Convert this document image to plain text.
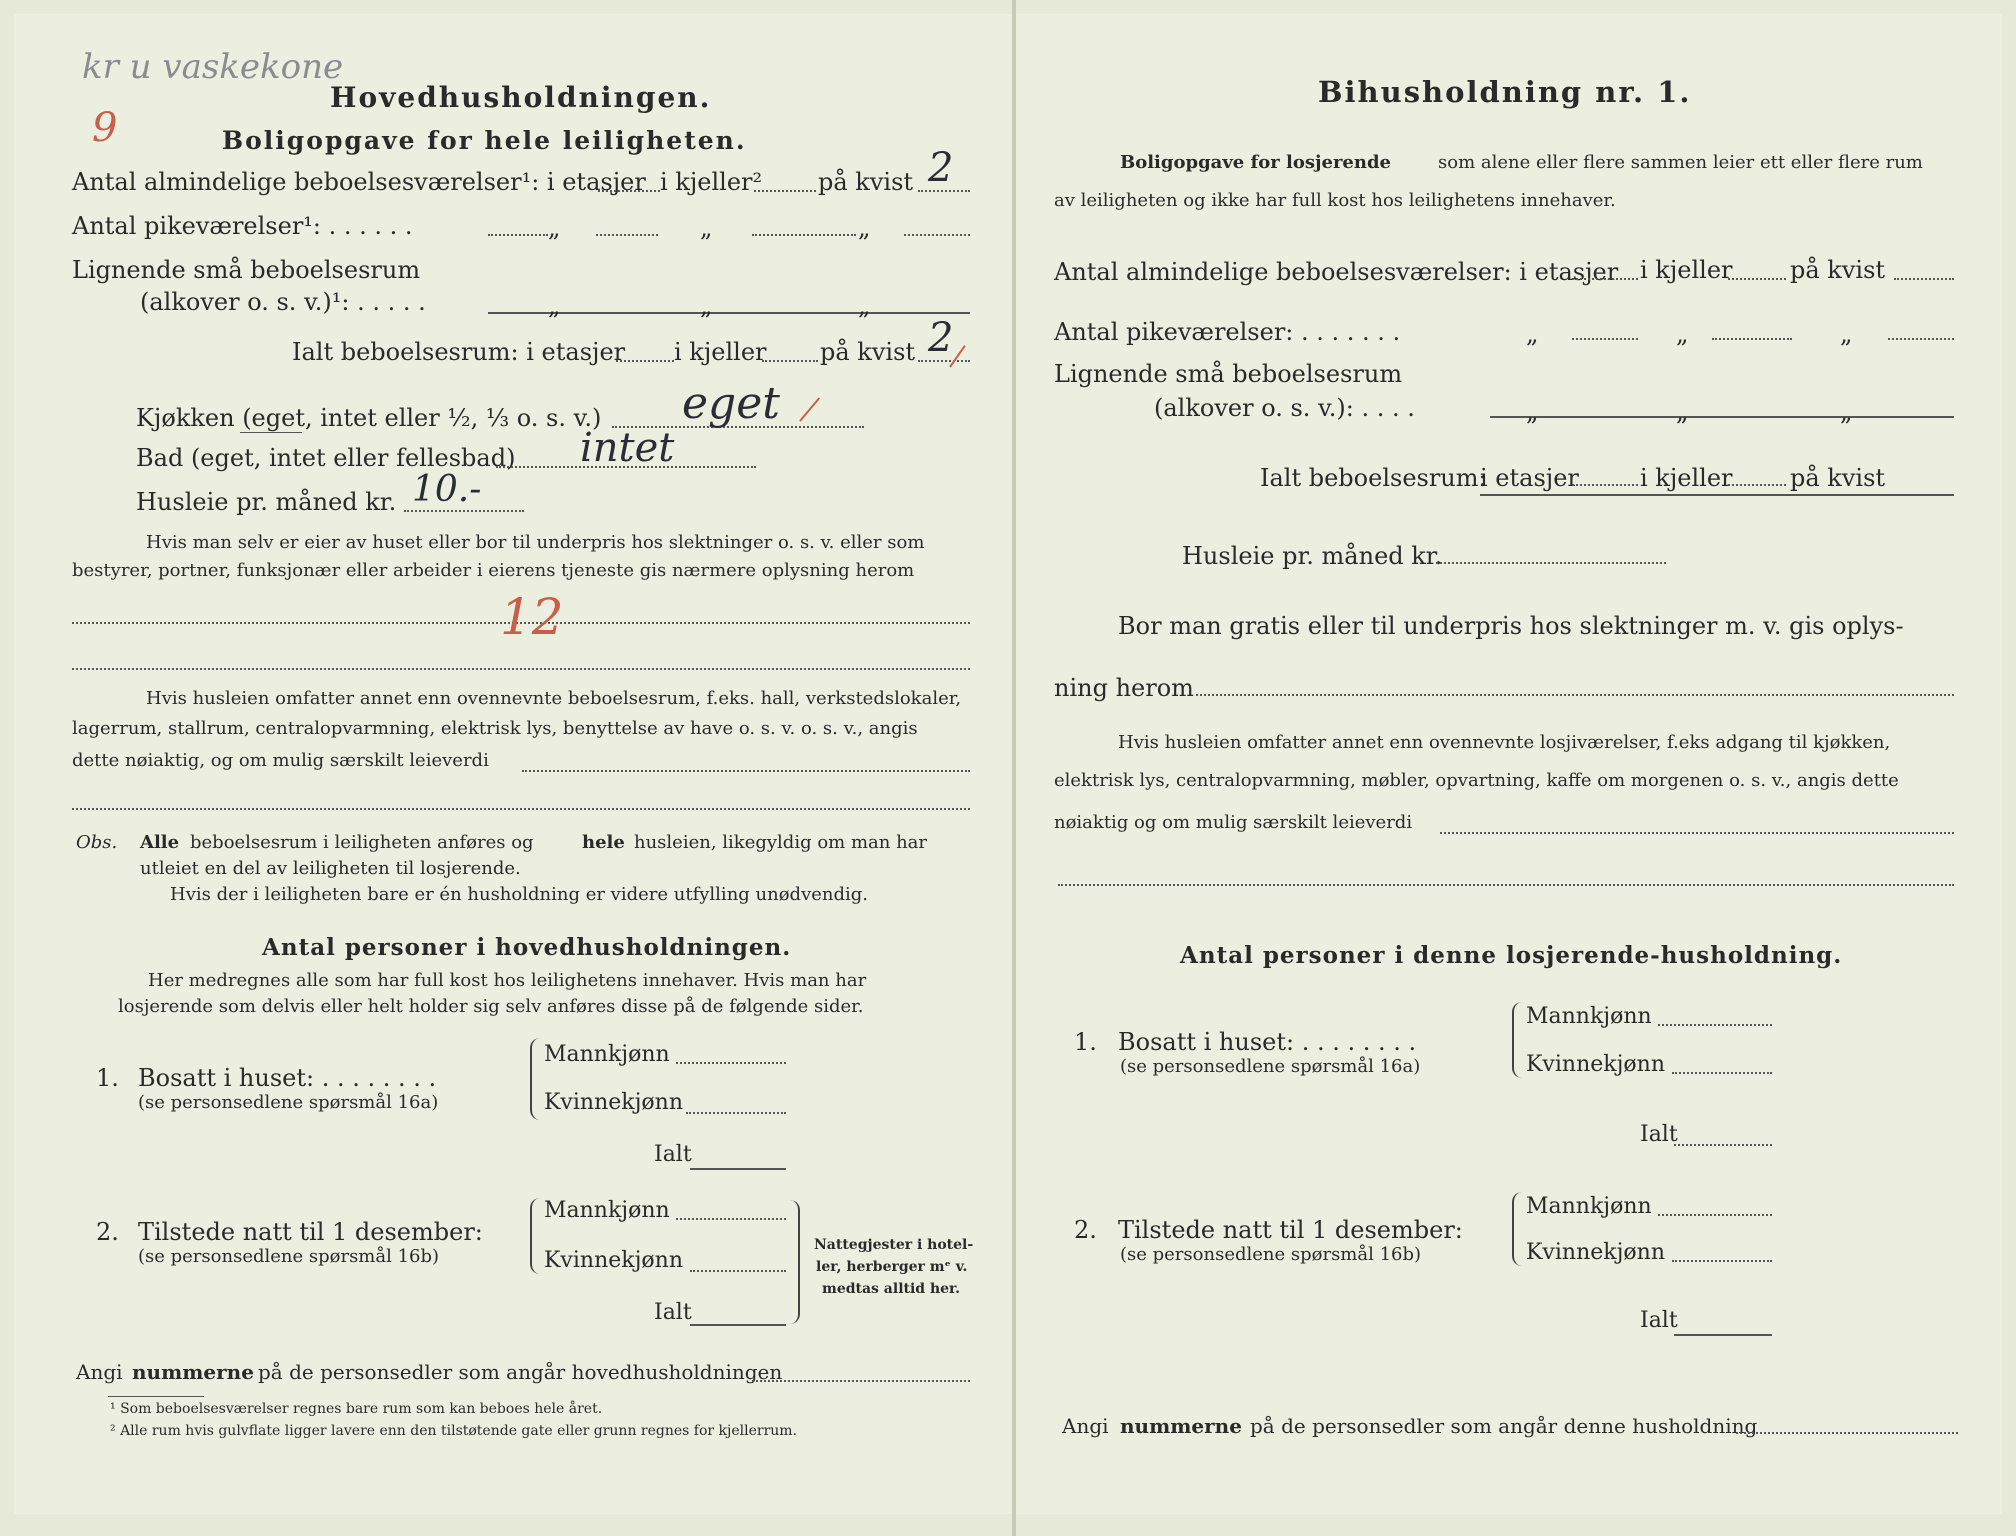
kr u vaskekone
9
Hovedhusholdningen.
Boligopgave for hele leiligheten.
Antal almindelige beboelsesværelser¹: i etasjer i kjeller² på kvist 2
Antal pikeværelser¹: . . . . . .	„	„	„
Lignende små beboelsesrum
(alkover o. s. v.)¹: . . . . .	„	„	„
Ialt beboelsesrum: i etasjer i kjeller på kvist 2
Kjøkken (eget, intet eller ½, ⅓ o. s. v.) eget
Bad (eget, intet eller fellesbad) intet
Husleie pr. måned kr. 10.-
Hvis man selv er eier av huset eller bor til underpris hos slektninger o. s. v. eller som
bestyrer, portner, funksjonær eller arbeider i eierens tjeneste gis nærmere oplysning herom
12
Hvis husleien omfatter annet enn ovennevnte beboelsesrum, f.eks. hall, verkstedslokaler,
lagerrum, stallrum, centralopvarmning, elektrisk lys, benyttelse av have o. s. v. o. s. v., angis
dette nøiaktig, og om mulig særskilt leieverdi
Obs. Alle beboelsesrum i leiligheten anføres og	hele husleien, likegyldig om man har
utleiet en del av leiligheten til losjerende.
Hvis der i leiligheten bare er én husholdning er videre utfylling unødvendig.
Antal personer i hovedhusholdningen.
Her medregnes alle som har full kost hos leilighetens innehaver. Hvis man har
losjerende som delvis eller helt holder sig selv anføres disse på de følgende sider.
1. Bosatt i huset: . . . . . . . .
(se personsedlene spørsmål 16a)
Mannkjønn
Kvinnekjønn
Ialt
2. Tilstede natt til 1 desember:
(se personsedlene spørsmål 16b)
Mannkjønn
Kvinnekjønn
Ialt
Nattegjester i hotel-
ler, herberger mᵉ v.
medtas alltid her.
Angi nummerne på de personsedler som angår hovedhusholdningen
¹ Som beboelsesværelser regnes bare rum som kan beboes hele året.
² Alle rum hvis gulvflate ligger lavere enn den tilstøtende gate eller grunn regnes for kjellerrum.
Bihusholdning nr. 1.
Boligopgave for losjerende	som alene eller flere sammen leier ett eller flere rum
av leiligheten og ikke har full kost hos leilighetens innehaver.
Antal almindelige beboelsesværelser: i etasjer i kjeller på kvist
Antal pikeværelser: . . . . . . .	„	„	„
Lignende små beboelsesrum
(alkover o. s. v.): . . . .	„	„	„
Ialt beboelsesrum:
i etasjer	i kjeller på kvist
Husleie pr. måned kr.
Bor man gratis eller til underpris hos slektninger m. v. gis oplys-
ning herom
Hvis husleien omfatter annet enn ovennevnte losjiværelser, f.eks adgang til kjøkken,
elektrisk lys, centralopvarmning, møbler, opvartning, kaffe om morgenen o. s. v., angis dette
nøiaktig og om mulig særskilt leieverdi
Antal personer i denne losjerende-husholdning.
1. Bosatt i huset: . . . . . . . .
(se personsedlene spørsmål 16a)
Mannkjønn
Kvinnekjønn
Ialt
2. Tilstede natt til 1 desember:
(se personsedlene spørsmål 16b)
Mannkjønn
Kvinnekjønn
Ialt
Angi nummerne på de personsedler som angår denne husholdning
